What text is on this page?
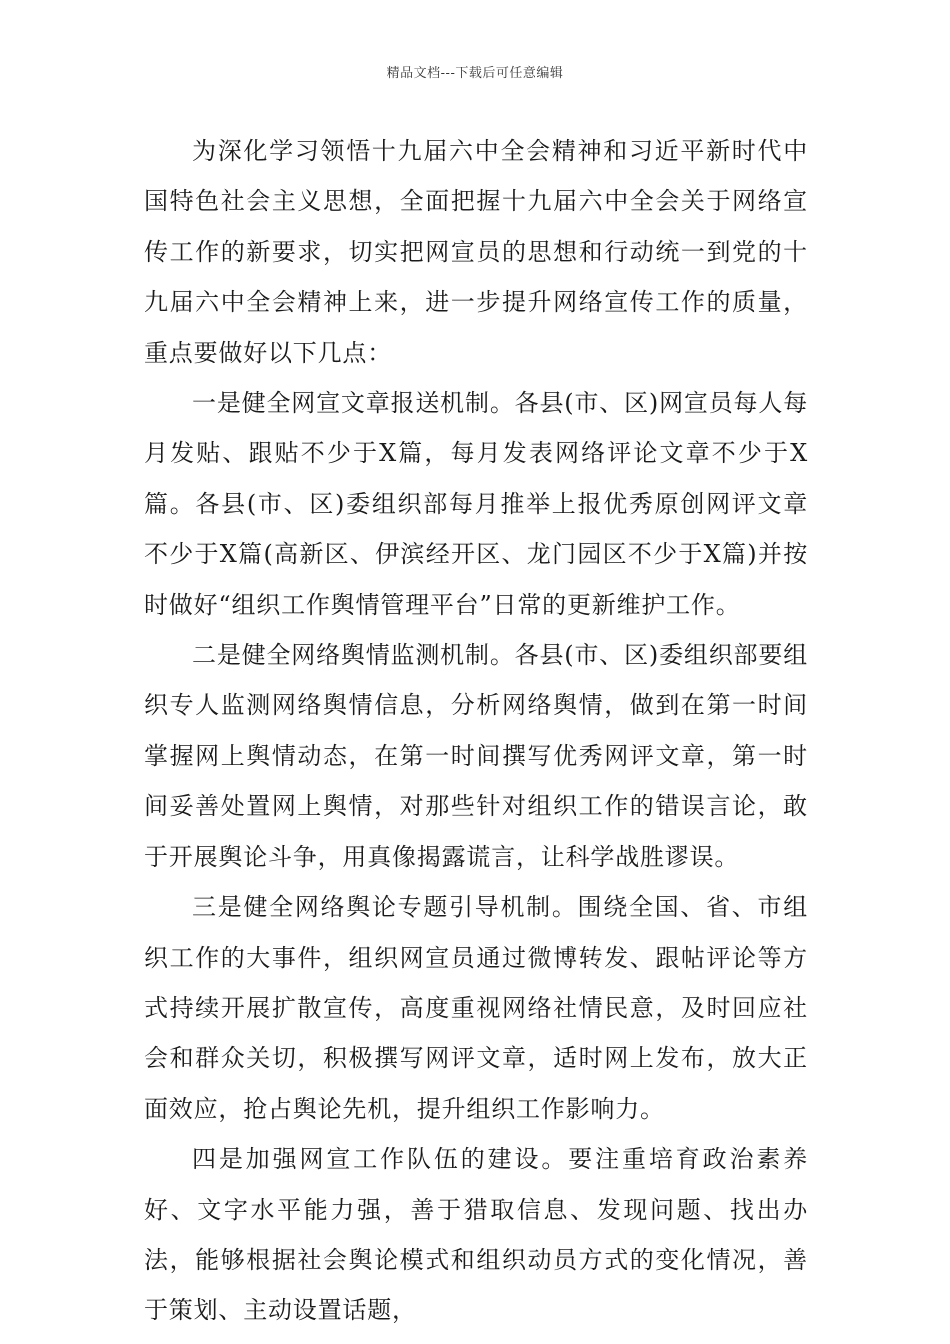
精品文档---下载后可任意编辑

为深化学习领悟十九届六中全会精神和习近平新时代中国特色社会主义思想，全面把握十九届六中全会关于网络宣传工作的新要求，切实把网宣员的思想和行动统一到党的十九届六中全会精神上来，进一步提升网络宣传工作的质量，重点要做好以下几点：

一是健全网宣文章报送机制。各县(市、区)网宣员每人每月发贴、跟贴不少于X篇，每月发表网络评论文章不少于X篇。各县(市、区)委组织部每月推举上报优秀原创网评文章不少于X篇(高新区、伊滨经开区、龙门园区不少于X篇)并按时做好“组织工作舆情管理平台”日常的更新维护工作。

二是健全网络舆情监测机制。各县(市、区)委组织部要组织专人监测网络舆情信息，分析网络舆情，做到在第一时间掌握网上舆情动态，在第一时间撰写优秀网评文章，第一时间妥善处置网上舆情，对那些针对组织工作的错误言论，敢于开展舆论斗争，用真像揭露谎言，让科学战胜谬误。

三是健全网络舆论专题引导机制。围绕全国、省、市组织工作的大事件，组织网宣员通过微博转发、跟帖评论等方式持续开展扩散宣传，高度重视网络社情民意，及时回应社会和群众关切，积极撰写网评文章，适时网上发布，放大正面效应，抢占舆论先机，提升组织工作影响力。

四是加强网宣工作队伍的建设。要注重培育政治素养好、文字水平能力强，善于猎取信息、发现问题、找出办法，能够根据社会舆论模式和组织动员方式的变化情况，善于策划、主动设置话题，
